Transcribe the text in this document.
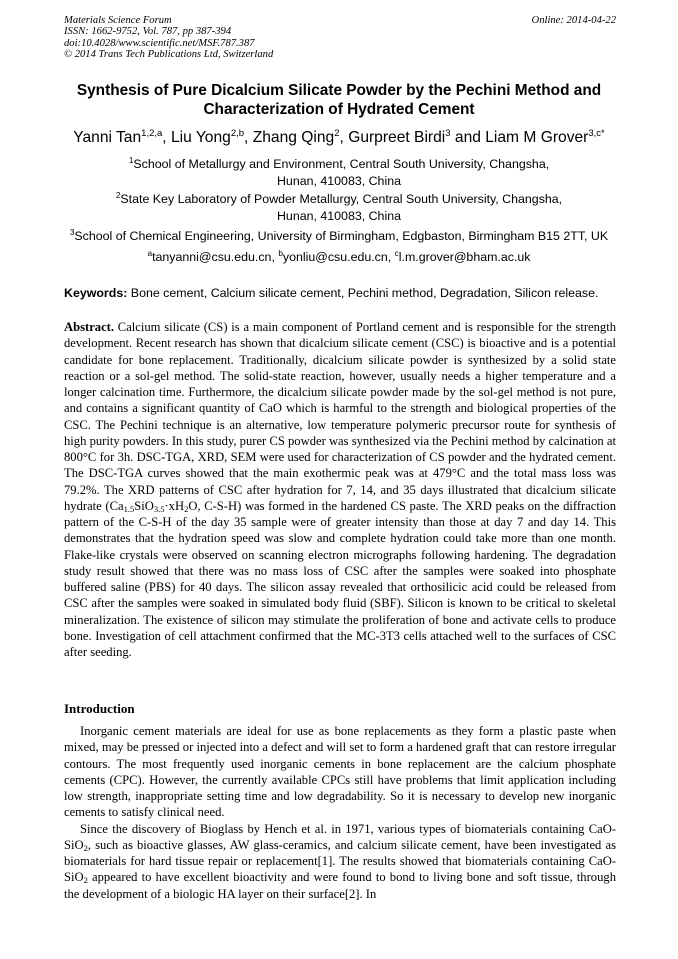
Materials Science Forum
ISSN: 1662-9752, Vol. 787, pp 387-394
doi:10.4028/www.scientific.net/MSF.787.387
© 2014 Trans Tech Publications Ltd, Switzerland
Online: 2014-04-22
Synthesis of Pure Dicalcium Silicate Powder by the Pechini Method and
Characterization of Hydrated Cement
Yanni Tan$^{1,2,a}$, Liu Yong$^{2,b}$, Zhang Qing$^2$, Gurpreet Birdi$^3$ and Liam M Grover$^{3,c*}$
$^1$School of Metallurgy and Environment, Central South University, Changsha,
Hunan, 410083, China
$^2$State Key Laboratory of Powder Metallurgy, Central South University, Changsha,
Hunan, 410083, China
$^3$School of Chemical Engineering, University of Birmingham, Edgbaston, Birmingham B15 2TT, UK
$^a$tanyanni@csu.edu.cn, $^b$yonliu@csu.edu.cn, $^c$l.m.grover@bham.ac.uk
Keywords: Bone cement, Calcium silicate cement, Pechini method, Degradation, Silicon release.
Abstract. Calcium silicate (CS) is a main component of Portland cement and is responsible for the strength development. Recent research has shown that dicalcium silicate cement (CSC) is bioactive and is a potential candidate for bone replacement. Traditionally, dicalcium silicate powder is synthesized by a solid state reaction or a sol-gel method. The solid-state reaction, however, usually needs a higher temperature and a longer calcination time. Furthermore, the dicalcium silicate powder made by the sol-gel method is not pure, and contains a significant quantity of CaO which is harmful to the strength and biological properties of the CSC. The Pechini technique is an alternative, low temperature polymeric precursor route for synthesis of high purity powders. In this study, purer CS powder was synthesized via the Pechini method by calcination at 800°C for 3h. DSC-TGA, XRD, SEM were used for characterization of CS powder and the hydrated cement. The DSC-TGA curves showed that the main exothermic peak was at 479°C and the total mass loss was 79.2%. The XRD patterns of CSC after hydration for 7, 14, and 35 days illustrated that dicalcium silicate hydrate ($Ca_{1.5}SiO_{3.5}\cdot xH_2O$, C-S-H) was formed in the hardened CS paste. The XRD peaks on the diffraction pattern of the C-S-H of the day 35 sample were of greater intensity than those at day 7 and day 14. This demonstrates that the hydration speed was slow and complete hydration could take more than one month. Flake-like crystals were observed on scanning electron micrographs following hardening. The degradation study result showed that there was no mass loss of CSC after the samples were soaked into phosphate buffered saline (PBS) for 40 days. The silicon assay revealed that orthosilicic acid could be released from CSC after the samples were soaked in simulated body fluid (SBF). Silicon is known to be critical to skeletal mineralization. The existence of silicon may stimulate the proliferation of bone and activate cells to produce bone. Investigation of cell attachment confirmed that the MC-3T3 cells attached well to the surfaces of CSC after seeding.
Introduction

Inorganic cement materials are ideal for use as bone replacements as they form a plastic paste when mixed, may be pressed or injected into a defect and will set to form a hardened graft that can restore irregular contours. The most frequently used inorganic cements in bone replacement are the calcium phosphate cements (CPC). However, the currently available CPCs still have problems that limit application including low strength, inappropriate setting time and low degradability. So it is necessary to develop new inorganic cements to satisfy clinical need.

Since the discovery of Bioglass by Hench et al. in 1971, various types of biomaterials containing CaO-SiO$_2$, such as bioactive glasses, AW glass-ceramics, and calcium silicate cement, have been investigated as biomaterials for hard tissue repair or replacement[1]. The results showed that biomaterials containing CaO-SiO$_2$ appeared to have excellent bioactivity and were found to bond to living bone and soft tissue, through the development of a biologic HA layer on their surface[2]. In
